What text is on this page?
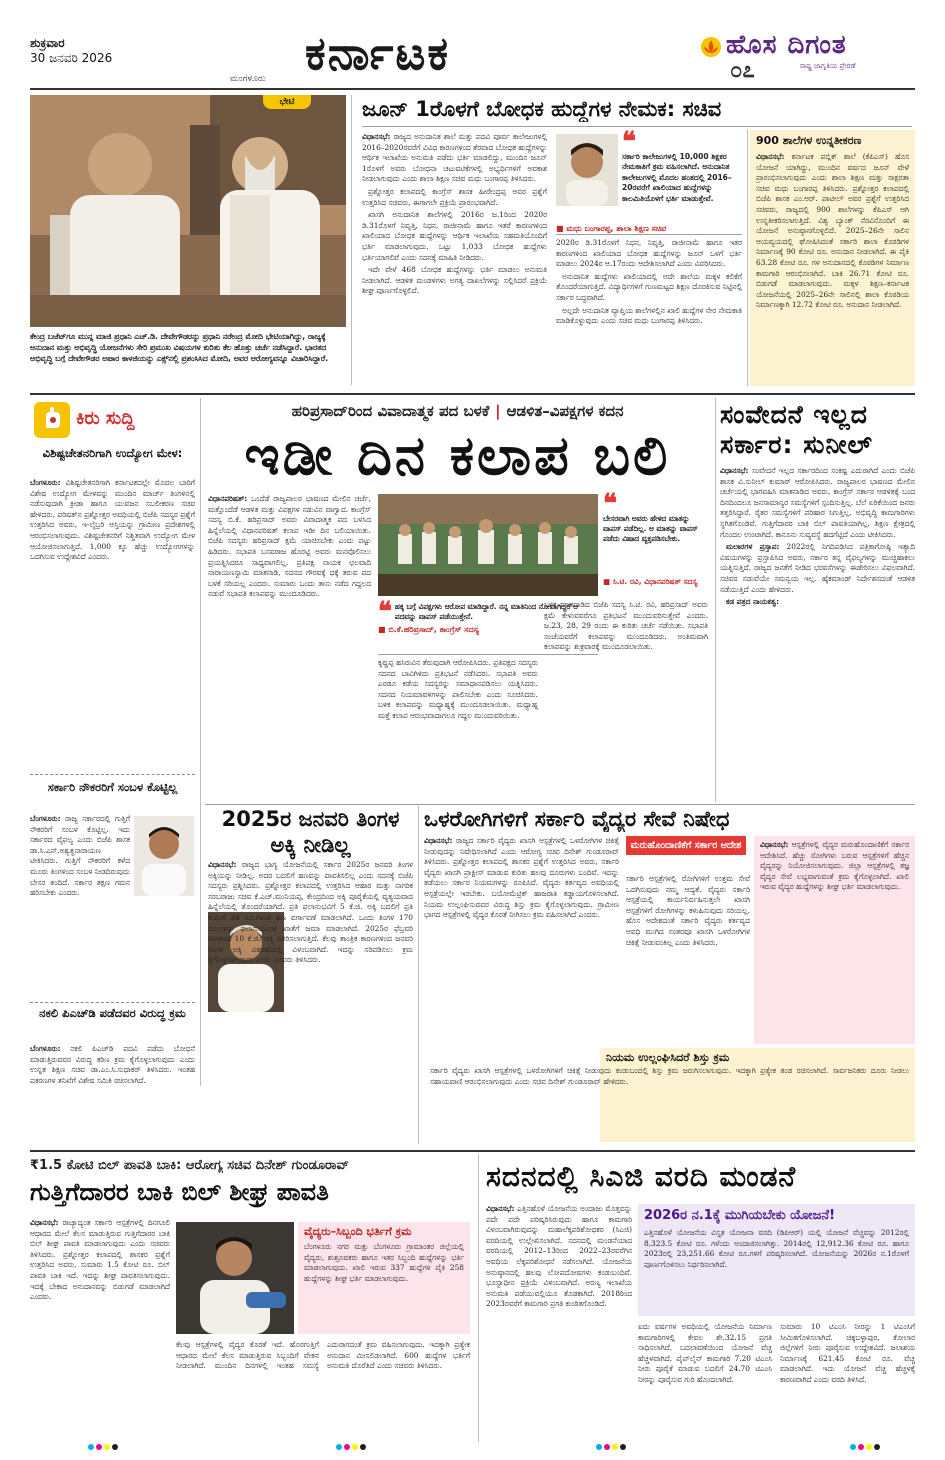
ಶುಕ್ರವಾರ
30 ಜನವರಿ 2026
ಮಂಗಳೂರು ಕರ್ನಾಟಕ	ಹೊಸ ದಿಗಂತ
ರಾಷ್ಟ್ರ ಜಾಗೃತಿಯ ಪ್ರೇರಣೆ
೦೭
ಭೇಟಿ
ಕೇಂದ್ರ ಬಜೆಟ್‌ಗೂ ಮುನ್ನ ಮಾಜಿ ಪ್ರಧಾನಿ ಎಚ್.ಡಿ. ದೇವೇಗೌಡರನ್ನು ಪ್ರಧಾನಿ ನರೇಂದ್ರ ಮೋದಿ ಭೇಟಿಯಾಗಿದ್ದು, ರಾಜ್ಯಕ್ಕೆ ಅನುದಾನ ಮತ್ತು ಅಭಿವೃದ್ಧಿ ಯೋಜನೆಗಳು ಸೇರಿ ಪ್ರಮುಖ ವಿಷಯಗಳ ಕುರಿತು ಕೆಲ ಹೊತ್ತು ಚರ್ಚೆ ನಡೆಸಿದ್ದಾರೆ. ಭಾರತದ ಅಭಿವೃದ್ಧಿ ಬಗ್ಗೆ ದೇವೇಗೌಡರ ಅಪಾರ ಕಾಳಜಿಯನ್ನು ಎಕ್ಸ್‌ನಲ್ಲಿ ಪ್ರಶಂಸಿಸಿದ ಮೋದಿ, ಅವರ ಆರೋಗ್ಯವನ್ನೂ ವಿಚಾರಿಸಿದ್ದಾರೆ.
ಜೂನ್‌ 1ರೊಳಗೆ ಬೋಧಕ ಹುದ್ದೆಗಳ ನೇಮಕ: ಸಚಿವ

ವಿಧಾನಸಭೆ: ರಾಜ್ಯದ ಅನುದಾನಿತ ಶಾಲೆ ಮತ್ತು ಪದವಿ ಪೂರ್ವ ಕಾಲೇಜುಗಳಲ್ಲಿ 2016–2020ರವರೆಗೆ ವಿವಿಧ ಕಾರಣಗಳಿಂದ ತೆರವಾದ ಬೋಧಕ ಹುದ್ದೆಗಳನ್ನು ಆರ್ಥಿಕ ಇಲಾಖೆಯ ಅನುಮತಿ ಪಡೆದು ಭರ್ತಿ ಮಾಡಲಿದ್ದು, ಮುಂದಿನ ಜೂನ್ 1ರೊಳಗೆ ಅವರು ಬೋಧನಾ ಚಟುವಟಿಕೆಗಳಲ್ಲಿ ಅಭ್ಯರ್ಥಿಗಳಿಗೆ ಅವಕಾಶ ನೀಡಲಾಗುವುದು ಎಂದು ಶಾಲಾ ಶಿಕ್ಷಣ ಸಚಿವ ಮಧು ಬಂಗಾರಪ್ಪ ತಿಳಿಸಿದರು.

ಪ್ರಶ್ನೋತ್ತರ ಕಲಾಪದಲ್ಲಿ ಕಾಂಗ್ರೆಸ್ ಶಾಸಕ ಹೀರೇಂದ್ರಪ್ಪ ಅವರ ಪ್ರಶ್ನೆಗೆ ಉತ್ತರಿಸಿದ ಸಚಿವರು, ಈಗಾಗಲೇ ಪ್ರಕ್ರಿಯೆ ಪ್ರಾರಂಭವಾಗಿದೆ.

ಖಾಸಗಿ ಅನುದಾನಿತ ಶಾಲೆಗಳಲ್ಲಿ 2016ರ ಜ.1ರಿಂದ 2020ರ ಡಿ.31ರೊಳಗೆ ನಿವೃತ್ತಿ, ನಿಧನ, ರಾಜೀನಾಮೆ ಹಾಗೂ ಇತರೆ ಕಾರಣಗಳಿಂದ ಖಾಲಿಯಾದ ಬೋಧಕ ಹುದ್ದೆಗಳನ್ನು ಆರ್ಥಿಕ ಇಲಾಖೆಯ ಸಹಮತಿಯೊಂದಿಗೆ ಭರ್ತಿ ಮಾಡಲಾಗುವುದು. ಒಟ್ಟು 1,033 ಬೋಧಕ ಹುದ್ದೆಗಳು ಭರ್ತಿಯಾಗಲಿವೆ ಎಂದು ಸದನಕ್ಕೆ ಮಾಹಿತಿ ನೀಡಿದರು.

ಇದೇ ವೇಳೆ 468 ಬೋಧಕ ಹುದ್ದೆಗಳನ್ನು ಭರ್ತಿ ಮಾಡಲು ಅನುಮತಿ ನೀಡಲಾಗಿದೆ. ಆಡಳಿತ ಮಂಡಳಿಗಳು ಅಗತ್ಯ ದಾಖಲೆಗಳನ್ನು ಸಲ್ಲಿಸಿದರೆ ಪ್ರಕ್ರಿಯೆ ಶೀಘ್ರ ಪೂರ್ಣಗೊಳ್ಳಲಿದೆ.

❝
ಸರ್ಕಾರಿ ಕಾಲೇಜುಗಳಲ್ಲಿ 10,000 ಶಿಕ್ಷಕರ ನೇಮಕಾತಿಗೆ ಕ್ರಮ ವಹಿಸಲಾಗಿದೆ. ಅನುದಾನಿತ ಕಾಲೇಜುಗಳಲ್ಲಿ ಮೊದಲ ಹಂತದಲ್ಲಿ 2016–20ರವರೆಗೆ ಖಾಲಿಯಾದ ಹುದ್ದೆಗಳನ್ನು ಕಾಲಮಿತಿಯೊಳಗೆ ಭರ್ತಿ ಮಾಡುತ್ತೇವೆ.
■ ಮಧು ಬಂಗಾರಪ್ಪ, ಶಾಲಾ ಶಿಕ್ಷಣ ಸಚಿವ

2020ರ ಡಿ.31ರೊಳಗೆ ನಿಧನ, ನಿವೃತ್ತಿ, ರಾಜೀನಾಮೆ ಹಾಗೂ ಇತರ ಕಾರಣಗಳಿಂದ ಖಾಲಿಯಾದ ಬೋಧಕ ಹುದ್ದೆಗಳನ್ನು ಜೂನ್ ಒಳಗೆ ಭರ್ತಿ ಮಾಡಲು 2024ರ ಆ.17ರಂದು ಆದೇಶಿಸಲಾಗಿದೆ ಎಂದು ವಿವರಿಸಿದರು.

ಅನುದಾನಿತ ಹುದ್ದೆಗಳು ಖಾಲಿಯಾದಲ್ಲಿ ಅದೇ ಶಾಲೆಯ ಮಕ್ಕಳ ಕಲಿಕೆಗೆ ತೊಂದರೆಯಾಗುತ್ತಿದೆ. ವಿದ್ಯಾರ್ಥಿಗಳಿಗೆ ಗುಣಮಟ್ಟದ ಶಿಕ್ಷಣ ದೊರಕಿಸುವ ನಿಟ್ಟಿನಲ್ಲಿ ಸರ್ಕಾರ ಬದ್ಧವಾಗಿದೆ.

ಅಲ್ಲದೇ ಅನುದಾನಿತ ವ್ಯಾಪ್ತಿಯ ಶಾಲೆಗಳಲ್ಲಿನ ಖಾಲಿ ಹುದ್ದೆಗಳ ನೇರ ನೇಮಕಾತಿ ಮಾಡಿಕೊಳ್ಳುವುದು ಎಂದು ಸಚಿವ ಮಧು ಬಂಗಾರಪ್ಪ ತಿಳಿಸಿದರು.

900 ಶಾಲೆಗಳ ಉನ್ನತೀಕರಣ

ವಿಧಾನಸಭೆ: ಕರ್ನಾಟಕ ಪಬ್ಲಿಕ್ ಶಾಲೆ (ಕೆಪಿಎಸ್) ಹೊಸ ಯೋಜನೆ ಯಾಗಿದ್ದು, ಮುಂದಿನ ವರ್ಷದ ಜೂನ್ ವೇಳೆ ಪ್ರಾರಂಭಿಸಲಾಗುವುದು ಎಂದು ಶಾಲಾ ಶಿಕ್ಷಣ ಮತ್ತು ಸಾಕ್ಷರತಾ ಸಚಿವ ಮಧು ಬಂಗಾರಪ್ಪ ತಿಳಿಸಿದರು. ಪ್ರಶ್ನೋತ್ತರ ಕಲಾಪದಲ್ಲಿ ಬಿಜೆಪಿ ಶಾಸಕ ಎಂ.ಆರ್. ಪಾಟೀಲ್ ಅವರ ಪ್ರಶ್ನೆಗೆ ಉತ್ತರಿಸಿದ ಸಚಿವರು, ರಾಜ್ಯದಲ್ಲಿ 900 ಶಾಲೆಗಳನ್ನು ಕೆಪಿಎಸ್ ಆಗಿ ಉನ್ನತೀಕರಿಸಲಾಗುತ್ತಿದೆ. ವಿಶ್ವ ಬ್ಯಾಂಕ್ ನೆರವಿನೊಂದಿಗೆ ಈ ಯೋಜನೆ ಅನುಷ್ಠಾನಗೊಳ್ಳಲಿದೆ. 2025–26ನೇ ಸಾಲಿನ ಆಯವ್ಯಯದಲ್ಲಿ ಘೋಷಿಸಿದಂತೆ ಸರ್ಕಾರಿ ಶಾಲಾ ಕೊಠಡಿಗಳ ನಿರ್ಮಾಣಕ್ಕೆ 90 ಕೋಟಿ ರೂ. ಅನುದಾನ ನೀಡಲಾಗಿದೆ. ಈ ಪೈಕಿ 63.28 ಕೋಟಿ ರೂ. ಗಳ ಅನುದಾನದಲ್ಲಿ ಕೊಠಡಿಗಳ ನಿರ್ಮಾಣ ಕಾಮಗಾರಿ ಆರಂಭಿಸಲಾಗಿದೆ. ಬಾಕಿ 26.71 ಕೋಟಿ ರೂ. ಬಿಡುಗಡೆ ಮಾಡಲಾಗುವುದು. ಮಕ್ಕಳ ಶಿಕ್ಷಣ–ಕರ್ನಾಟಕ ಯೋಜನೆಯಲ್ಲಿ 2025–26ನೇ ಸಾಲಿನಲ್ಲಿ ಶಾಲಾ ಕೊಠಡಿಯ ನಿರ್ಮಾಣಕ್ಕಾಗಿ 12.72 ಕೋಟಿ ರೂ. ಅನುದಾನ ನೀಡಲಾಗಿದೆ.

ಕಿರು ಸುದ್ದಿ
ವಿಶಿಷ್ಟಚೇತನರಿಗಾಗಿ ಉದ್ಯೋಗ ಮೇಳ:

ಬೆಂಗಳೂರು: ವಿಶಿಷ್ಟಚೇತನರಿಗಾಗಿ ಕರ್ನಾಟಕದಲ್ಲೇ ಮೊದಲ ಬಾರಿಗೆ ವಿಶೇಷ ಉದ್ಯೋಗ ಮೇಳವನ್ನು ಮುಂದಿನ ಮಾರ್ಚ್ ತಿಂಗಳಿನಲ್ಲಿ ನಡೆಸುವುದಾಗಿ ಕ್ರೀಡಾ ಹಾಗೂ ಯುವಜನ ಸಬಲೀಕರಣ ಸಚಿವ ಹೇಳಿದರು. ಪರಿಷತ್‌ನ ಪ್ರಶ್ನೋತ್ತರ ಅವಧಿಯಲ್ಲಿ ಬಿಜೆಪಿ ಸದಸ್ಯರ ಪ್ರಶ್ನೆಗೆ ಉತ್ತರಿಸಿದ ಅವರು, ಇ-ಲೈಬ್ರರಿ ಆಸ್ತಿಯನ್ನು ಗ್ರಾಮೀಣ ಪ್ರದೇಶಗಳಲ್ಲಿ ಆರಂಭಿಸಲಾಗುವುದು. ವಿಶಿಷ್ಟಚೇತನರಿಗೆ ನಿಶ್ಚಿತವಾಗಿ ಉದ್ಯೋಗ ಮೇಳ ಆಯೋಜಿಸಲಾಗುತ್ತಿದೆ. 1,000 ಕ್ಕೂ ಹೆಚ್ಚು ಉದ್ಯೋಗಗಳನ್ನು ಒದಗಿಸುವ ಉದ್ದೇಶವಿದೆ ಎಂದರು.

ಸರ್ಕಾರಿ ನೌಕರರಿಗೆ ಸಂಬಳ ಕೊಟ್ಟಿಲ್ಲ

ಬೆಂಗಳೂರು: ರಾಜ್ಯ ಸರ್ಕಾರದಲ್ಲಿ ಗುತ್ತಿಗೆ ನೌಕರರಿಗೆ ಸಂಬಳ ಕೊಟ್ಟಿಲ್ಲ. ಇದು ಸರ್ಕಾರದ ವೈಫಲ್ಯ ಎಂದು ಬಿಜೆಪಿ ಶಾಸಕ ಡಾ.ಸಿ.ಎನ್.ಅಶ್ವತ್ಥನಾರಾಯಣ ಟೀಕಿಸಿದರು. ಗುತ್ತಿಗೆ ನೌಕರರಿಗೆ ಕಳೆದ ಮೂರು ತಿಂಗಳಿಂದ ಸಂಬಳ ನೀಡದಿರುವುದು ಬೇಸರ ತಂದಿದೆ. ಸರ್ಕಾರ ತಕ್ಷಣ ಗಮನ ಹರಿಸಬೇಕು ಎಂದರು.

ನಕಲಿ ಪಿಎಚ್‌ಡಿ ಪಡೆದವರ ವಿರುದ್ಧ ಕ್ರಮ

ಬೆಂಗಳೂರು: ನಕಲಿ ಪಿಎಚ್‌ಡಿ ಪದವಿ ಪಡೆದು ಬೋಧನೆ ಮಾಡುತ್ತಿರುವವರ ವಿರುದ್ಧ ಕಠಿಣ ಕ್ರಮ ಕೈಗೊಳ್ಳಲಾಗುವುದು ಎಂದು ಉನ್ನತ ಶಿಕ್ಷಣ ಸಚಿವ ಡಾ.ಎಂ.ಸಿ.ಸುಧಾಕರ್ ತಿಳಿಸಿದರು. ಇಂತಹ ಪ್ರಕರಣಗಳ ತನಿಖೆಗೆ ವಿಶೇಷ ಸಮಿತಿ ರಚಿಸಲಾಗಿದೆ.

ಹರಿಪ್ರಸಾದ್‌ರಿಂದ ವಿವಾದಾತ್ಮಕ ಪದ ಬಳಕೆ | ಆಡಳಿತ–ವಿಪಕ್ಷಗಳ ಕದನ
ಇಡೀ ದಿನ ಕಲಾಪ ಬಲಿ

ವಿಧಾನಪರಿಷತ್: ಒಂದೆಡೆ ರಾಜ್ಯಪಾಲರ ಭಾಷಣದ ಮೇಲಿನ ಚರ್ಚೆ, ಮತ್ತೊಂದೆಡೆ ಆಡಳಿತ ಮತ್ತು ವಿಪಕ್ಷಗಳ ನಡುವಿನ ವಾಗ್ವಾದ. ಕಾಂಗ್ರೆಸ್ ಸದಸ್ಯ ಬಿ.ಕೆ. ಹರಿಪ್ರಸಾದ್ ಅವರು ವಿವಾದಾತ್ಮಕ ಪದ ಬಳಸಿದ ಹಿನ್ನೆಲೆಯಲ್ಲಿ ವಿಧಾನಪರಿಷತ್ ಕಲಾಪ ಇಡೀ ದಿನ ಬಲಿಯಾಯಿತು. ಬಿಜೆಪಿ ಸದಸ್ಯರು ಹರಿಪ್ರಸಾದ್ ಕ್ಷಮೆ ಯಾಚಿಸಬೇಕು ಎಂದು ಪಟ್ಟು ಹಿಡಿದರು. ಸಭಾಪತಿ ಬಸವರಾಜ ಹೊರಟ್ಟಿ ಅವರು ಮನವೊಲಿಸಲು ಪ್ರಯತ್ನಿಸಿದರೂ ಸಾಧ್ಯವಾಗಲಿಲ್ಲ. ಪ್ರತಿಪಕ್ಷ ನಾಯಕ ಛಲವಾದಿ ನಾರಾಯಣಸ್ವಾಮಿ ಮಾತನಾಡಿ, ಸದನದ ಗೌರವಕ್ಕೆ ಧಕ್ಕೆ ತರುವ ಪದ ಬಳಕೆ ಸರಿಯಲ್ಲ ಎಂದರು. ಸುಮಾರು ಒಂದು ತಾಸು ನಡೆದ ಗದ್ದಲದ ನಡುವೆ ಸಭಾಪತಿ ಕಲಾಪವನ್ನು ಮುಂದೂಡಿದರು.

❝
ಬೇಸರವಾಗಿ ಅವರು ಹೇಳಿದ ಮಾತನ್ನು ವಾಪಸ್ ಪಡೆದಿಲ್ಲ. ಆ ಮಾತನ್ನು ವಾಪಸ್ ಪಡೆದು ವಿಷಾದ ವ್ಯಕ್ತಪಡಿಸಬೇಕು.
■ ಸಿ.ಟಿ. ರವಿ, ವಿಧಾನಪರಿಷತ್ ಸದಸ್ಯ
❝ ಹಕ್ಕ ಬಗ್ಗೆ ವಿಪಕ್ಷಗಳು ಆರೋಪ ಮಾಡಿದ್ದಾರೆ. ನನ್ನ ಮಾತಿನಿಂದ ನೋವಾಗಿದ್ದರೆ ಆ ಪದವನ್ನು ವಾಪಸ್ ಪಡೆಯುತ್ತೇನೆ.
■ ಬಿ.ಕೆ.ಹರಿಪ್ರಸಾದ್, ಕಾಂಗ್ರೆಸ್ ಸದಸ್ಯ

ಕೃಷ್ಣಪ್ಪ ಹಸಿರುವಿನ ತೆರುವುದಾಗಿ ಆರೋಪಿಸಿದರು. ಪ್ರತಿಪಕ್ಷದ ಸದಸ್ಯರು ಸದನದ ಬಾವಿಗಿಳಿದು ಪ್ರತಿಭಟನೆ ನಡೆಸಿದರು. ಸಭಾಪತಿ ಅವರು ಎರಡೂ ಕಡೆಯ ಸದಸ್ಯರನ್ನು ಸಮಾಧಾನಪಡಿಸಲು ಯತ್ನಿಸಿದರು. ಸದನದ ನಿಯಮಾವಳಿಗಳನ್ನು ಪಾಲಿಸಬೇಕು ಎಂದು ಸೂಚಿಸಿದರು. ಬಳಿಕ ಕಲಾಪವನ್ನು ಮಧ್ಯಾಹ್ನಕ್ಕೆ ಮುಂದೂಡಲಾಯಿತು. ಮಧ್ಯಾಹ್ನ ಮತ್ತೆ ಕಲಾಪ ಆರಂಭವಾದಾಗಲೂ ಗದ್ದಲ ಮುಂದುವರಿಯಿತು.

ಬಳಿಕ ಮಾತನಾಡಿದ ಬಿಜೆಪಿ ಸದಸ್ಯ ಸಿ.ಟಿ. ರವಿ, ಹರಿಪ್ರಸಾದ್ ಅವರು ಕ್ಷಮೆ ಕೇಳುವವರೆಗೂ ಪ್ರತಿಭಟನೆ ಮುಂದುವರಿಸುತ್ತೇವೆ ಎಂದರು. ಜ.23, 28, 29 ರಂದು ಈ ಕುರಿತು ಚರ್ಚೆ ನಡೆಯಿತು. ಸಭಾಪತಿ ಸಂಜೆಯವರೆಗೆ ಕಲಾಪವನ್ನು ಮುಂದೂಡಿದರು. ಅಂತಿಮವಾಗಿ ಕಲಾಪವನ್ನು ಶುಕ್ರವಾರಕ್ಕೆ ಮುಂದೂಡಲಾಯಿತು.

ಸಂವೇದನೆ ಇಲ್ಲದ ಸರ್ಕಾರ: ಸುನೀಲ್

ವಿಧಾನಸಭೆ: ಸಂವೇದನೆ ಇಲ್ಲದ ಸರ್ಕಾರದಿಂದ ಸಂಕಷ್ಟ ಎದುರಾಗಿದೆ ಎಂದು ಬಿಜೆಪಿ ಶಾಸಕ ವಿ.ಸುನೀಲ್ ಕುಮಾರ್ ಆರೋಪಿಸಿದರು. ರಾಜ್ಯಪಾಲರ ಭಾಷಣದ ಮೇಲಿನ ಚರ್ಚೆಯಲ್ಲಿ ಭಾಗವಹಿಸಿ ಮಾತನಾಡಿದ ಅವರು, ಕಾಂಗ್ರೆಸ್ ಸರ್ಕಾರ ಆಡಳಿತಕ್ಕೆ ಬಂದ ದಿನದಿಂದಲೂ ಜನಸಾಮಾನ್ಯರ ಸಮಸ್ಯೆಗಳಿಗೆ ಸ್ಪಂದಿಸುತ್ತಿಲ್ಲ. ಬೆಲೆ ಏರಿಕೆಯಿಂದ ಜನರು ತತ್ತರಿಸಿದ್ದಾರೆ. ರೈತರ ಸಮಸ್ಯೆಗಳಿಗೆ ಪರಿಹಾರ ಸಿಗುತ್ತಿಲ್ಲ. ಅಭಿವೃದ್ಧಿ ಕಾಮಗಾರಿಗಳು ಸ್ಥಗಿತಗೊಂಡಿವೆ. ಗುತ್ತಿಗೆದಾರರ ಬಾಕಿ ಬಿಲ್ ಪಾವತಿಯಾಗಿಲ್ಲ. ಶಿಕ್ಷಣ ಕ್ಷೇತ್ರದಲ್ಲಿ ಗೊಂದಲ ಉಂಟಾಗಿದೆ. ಕಾನೂನು ಸುವ್ಯವಸ್ಥೆ ಹದಗೆಟ್ಟಿದೆ ಎಂದು ಟೀಕಿಸಿದರು.

ಮಲಾರಗಳ ಪ್ರಸ್ತಾಪ: 2022ರಲ್ಲಿ ನಿಗದಿಪಡಿಸಿದ ಪತ್ರಿಕಾಗೋಷ್ಠಿ ಇತ್ಯಾದಿ ವಿಷಯಗಳನ್ನು ಪ್ರಸ್ತಾಪಿಸಿದ ಅವರು, ಸರ್ಕಾರ ತನ್ನ ವೈಫಲ್ಯಗಳನ್ನು ಮುಚ್ಚಿಹಾಕಲು ಯತ್ನಿಸುತ್ತಿದೆ. ರಾಜ್ಯದ ಜನತೆಗೆ ನೀಡಿದ ಭರವಸೆಗಳನ್ನು ಈಡೇರಿಸಲು ವಿಫಲವಾಗಿದೆ. ಸಚಿವರ ನಡುವೆಯೇ ಸಮನ್ವಯ ಇಲ್ಲ. ಹೈಕಮಾಂಡ್ ನಿರ್ದೇಶನದಂತೆ ಆಡಳಿತ ನಡೆಯುತ್ತಿದೆ ಎಂದು ಹೇಳಿದರು.

ಕಡ ಪತ್ರದ ನಾಯಕತ್ವ:

2025ರ ಜನವರಿ ತಿಂಗಳ ಅಕ್ಕಿ ನೀಡಿಲ್ಲ

ವಿಧಾನಸಭೆ: ರಾಜ್ಯದ ಭಾಗ್ಯ ಯೋಜನೆಯಲ್ಲಿ ಸರ್ಕಾರ 2025ರ ಜನವರಿ ತಿಂಗಳ ಅಕ್ಕಿಯನ್ನು ನೀಡಿಲ್ಲ. ಅದರ ಬದಲಿಗೆ ಹಣವನ್ನು ಪಾವತಿಸಲಿಲ್ಲ ಎಂದು ಸದನಕ್ಕೆ ಬಿಜೆಪಿ ಸದಸ್ಯರು ಪ್ರಶ್ನಿಸಿದರು. ಪ್ರಶ್ನೋತ್ತರ ಕಲಾಪದಲ್ಲಿ ಉತ್ತರಿಸಿದ ಆಹಾರ ಮತ್ತು ನಾಗರಿಕ ಸರಬರಾಜು ಸಚಿವ ಕೆ.ಎಚ್.ಮುನಿಯಪ್ಪ, ಕೇಂದ್ರದಿಂದ ಅಕ್ಕಿ ಪೂರೈಕೆಯಲ್ಲಿ ವ್ಯತ್ಯಯವಾದ ಹಿನ್ನೆಲೆಯಲ್ಲಿ ತೊಂದರೆಯಾಗಿದೆ. ಪ್ರತಿ ಫಲಾನುಭವಿಗೆ 5 ಕೆ.ಜಿ. ಅಕ್ಕಿ ಬದಲಿಗೆ ಪ್ರತಿ ಕೆ.ಜಿ.ಗೆ 34 ರೂ.ಗಳಂತೆ ಹಣ ವರ್ಗಾವಣೆ ಮಾಡಲಾಗಿದೆ. ಒಂದು ತಿಂಗಳ 170 ರೂ.ಗಳನ್ನು ಫಲಾನುಭವಿಗಳ ಖಾತೆಗೆ ಜಮಾ ಮಾಡಲಾಗಿದೆ. 2025ರ ಫೆಬ್ರವರಿ ತಿಂಗಳಿಂದ 10 ಕೆ.ಜಿ. ಅಕ್ಕಿ ವಿತರಿಸಲಾಗುತ್ತಿದೆ. ಕೆಲವು ತಾಂತ್ರಿಕ ಕಾರಣಗಳಿಂದ ಜನವರಿ ತಿಂಗಳ ಅಕ್ಕಿ ವಿತರಣೆಯಲ್ಲಿ ವಿಳಂಬವಾಗಿದೆ. ಇದನ್ನು ಸರಿಪಡಿಸಲು ಕ್ರಮ ಕೈಗೊಳ್ಳಲಾಗುವುದು ಎಂದು ಸಚಿವರು ತಿಳಿಸಿದರು.

ಒಳರೋಗಿಗಳಿಗೆ ಸರ್ಕಾರಿ ವೈದ್ಯರ ಸೇವೆ ನಿಷೇಧ

ವಿಧಾನಸಭೆ: ರಾಜ್ಯದ ಸರ್ಕಾರಿ ವೈದ್ಯರು ಖಾಸಗಿ ಆಸ್ಪತ್ರೆಗಳಲ್ಲಿ ಒಳರೋಗಿಗಳ ಚಿಕಿತ್ಸೆ ನೀಡುವುದನ್ನು ನಿಷೇಧಿಸಲಾಗಿದೆ ಎಂದು ಆರೋಗ್ಯ ಸಚಿವ ದಿನೇಶ್ ಗುಂಡೂರಾವ್ ತಿಳಿಸಿದರು. ಪ್ರಶ್ನೋತ್ತರ ಕಲಾಪದಲ್ಲಿ ಶಾಸಕರ ಪ್ರಶ್ನೆಗೆ ಉತ್ತರಿಸಿದ ಅವರು, ಸರ್ಕಾರಿ ವೈದ್ಯರು ಖಾಸಗಿ ಪ್ರಾಕ್ಟೀಸ್ ಮಾಡುವ ಕುರಿತು ಹಲವು ದೂರುಗಳು ಬಂದಿವೆ. ಇದನ್ನು ತಡೆಯಲು ಸರ್ಕಾರ ನಿಯಮಗಳನ್ನು ರೂಪಿಸಿದೆ. ವೈದ್ಯರು ಕರ್ತವ್ಯದ ಅವಧಿಯಲ್ಲಿ ಆಸ್ಪತ್ರೆಯಲ್ಲೇ ಇರಬೇಕು. ಬಯೋಮೆಟ್ರಿಕ್ ಹಾಜರಾತಿ ಕಡ್ಡಾಯಗೊಳಿಸಲಾಗಿದೆ. ನಿಯಮ ಉಲ್ಲಂಘಿಸುವವರ ವಿರುದ್ಧ ಶಿಸ್ತು ಕ್ರಮ ಕೈಗೊಳ್ಳಲಾಗುವುದು. ಗ್ರಾಮೀಣ ಭಾಗದ ಆಸ್ಪತ್ರೆಗಳಲ್ಲಿ ವೈದ್ಯರ ಕೊರತೆ ನೀಗಿಸಲು ಕ್ರಮ ವಹಿಸಲಾಗಿದೆ ಎಂದರು.

ಮರುಹೊಂದಾಣಿಕೆಗೆ ಸರ್ಕಾರ ಆದೇಶ

ಸರ್ಕಾರಿ ಆಸ್ಪತ್ರೆಗಳಲ್ಲಿ ರೋಗಿಗಳಿಗೆ ಉತ್ತಮ ಸೇವೆ ಒದಗಿಸುವುದು ನಮ್ಮ ಆದ್ಯತೆ. ವೈದ್ಯರು ಸರ್ಕಾರಿ ಆಸ್ಪತ್ರೆಯಲ್ಲಿ ಕಾರ್ಯನಿರ್ವಹಿಸುತ್ತಲೇ ಖಾಸಗಿ ಆಸ್ಪತ್ರೆಗಳಿಗೆ ರೋಗಿಗಳನ್ನು ಕಳುಹಿಸುವುದು ಸರಿಯಲ್ಲ. ಹೊಸ ಆದೇಶದಂತೆ ಸರ್ಕಾರಿ ವೈದ್ಯರು ಕರ್ತವ್ಯದ ಅವಧಿ ಮುಗಿದ ನಂತರವೂ ಖಾಸಗಿ ಒಳರೋಗಿಗಳ ಚಿಕಿತ್ಸೆ ನೀಡುವಂತಿಲ್ಲ ಎಂದು ತಿಳಿಸಿದರು.

ವಿಧಾನಸಭೆ: ಆಸ್ಪತ್ರೆಗಳಲ್ಲಿ ವೈದ್ಯರ ಮರುಹೊಂದಾಣಿಕೆಗೆ ಸರ್ಕಾರ ಆದೇಶಿಸಿದೆ. ಹೆಚ್ಚು ರೋಗಿಗಳು ಬರುವ ಆಸ್ಪತ್ರೆಗಳಿಗೆ ಹೆಚ್ಚಿನ ವೈದ್ಯರನ್ನು ನಿಯೋಜಿಸಲಾಗುವುದು. ಜಿಲ್ಲಾ ಆಸ್ಪತ್ರೆಗಳಲ್ಲಿ ತಜ್ಞ ವೈದ್ಯರ ಸೇವೆ ಲಭ್ಯವಾಗುವಂತೆ ಕ್ರಮ ಕೈಗೊಳ್ಳಲಾಗಿದೆ. ಖಾಲಿ ಇರುವ ವೈದ್ಯರ ಹುದ್ದೆಗಳನ್ನು ಶೀಘ್ರ ಭರ್ತಿ ಮಾಡಲಾಗುವುದು.

ನಿಯಮ ಉಲ್ಲಂಘಿಸಿದರೆ ಶಿಸ್ತು ಕ್ರಮ

ಸರ್ಕಾರಿ ವೈದ್ಯರು ಖಾಸಗಿ ಆಸ್ಪತ್ರೆಗಳಲ್ಲಿ ಒಳರೋಗಿಗಳಿಗೆ ಚಿಕಿತ್ಸೆ ನೀಡುವುದು ಕಂಡುಬಂದಲ್ಲಿ ಶಿಸ್ತು ಕ್ರಮ ಜರುಗಿಸಲಾಗುವುದು. ಇದಕ್ಕಾಗಿ ಪ್ರತ್ಯೇಕ ತಂಡ ರಚಿಸಲಾಗಿದೆ. ಸಾರ್ವಜನಿಕರು ದೂರು ನೀಡಲು ಸಹಾಯವಾಣಿ ಆರಂಭಿಸಲಾಗುವುದು ಎಂದು ಸಚಿವ ದಿನೇಶ್ ಗುಂಡೂರಾವ್ ಹೇಳಿದರು.

₹1.5 ಕೋಟಿ ಬಿಲ್ ಪಾವತಿ ಬಾಕಿ: ಆರೋಗ್ಯ ಸಚಿವ ದಿನೇಶ್ ಗುಂಡೂರಾವ್
ಗುತ್ತಿಗೆದಾರರ ಬಾಕಿ ಬಿಲ್ ಶೀಘ್ರ ಪಾವತಿ

ವಿಧಾನಸಭೆ: ರಾಜ್ಯಾದ್ಯಂತ ಸರ್ಕಾರಿ ಆಸ್ಪತ್ರೆಗಳಲ್ಲಿ ದಿನಗೂಲಿ ಆಧಾರದ ಮೇಲೆ ಕೆಲಸ ಮಾಡುತ್ತಿರುವ ಗುತ್ತಿಗೆದಾರರ ಬಾಕಿ ಬಿಲ್ ಶೀಘ್ರ ಪಾವತಿ ಮಾಡಲಾಗುವುದು ಎಂದು ಸಚಿವರು ತಿಳಿಸಿದರು. ಪ್ರಶ್ನೋತ್ತರ ಕಲಾಪದಲ್ಲಿ ಶಾಸಕರ ಪ್ರಶ್ನೆಗೆ ಉತ್ತರಿಸಿದ ಅವರು, ಸುಮಾರು 1.5 ಕೋಟಿ ರೂ. ಬಿಲ್ ಪಾವತಿ ಬಾಕಿ ಇದೆ. ಇದನ್ನು ಶೀಘ್ರ ಪಾವತಿಸಲಾಗುವುದು. ಇದಕ್ಕೆ ಬೇಕಾದ ಅನುದಾನವನ್ನು ಬಿಡುಗಡೆ ಮಾಡಲಾಗಿದೆ ಎಂದರು.

ವೈದ್ಯರು–ಸಿಬ್ಬಂದಿ ಭರ್ತಿಗೆ ಕ್ರಮ

ಬೆಂಗಳೂರು ನಗರ ಮತ್ತು ಬೆಂಗಳೂರು ಗ್ರಾಮಾಂತರ ಜಿಲ್ಲೆಯಲ್ಲಿ ವೈದ್ಯರು, ಶುಶ್ರೂಷಕರು ಹಾಗೂ ಇತರ ಸಿಬ್ಬಂದಿ ಹುದ್ದೆಗಳನ್ನು ಭರ್ತಿ ಮಾಡಲಾಗುವುದು. ಖಾಲಿ ಇರುವ 337 ಹುದ್ದೆಗಳ ಪೈಕಿ 258 ಹುದ್ದೆಗಳನ್ನು ಶೀಘ್ರ ಭರ್ತಿ ಮಾಡಲಾಗುವುದು.

ಕೆಲವು ಆಸ್ಪತ್ರೆಗಳಲ್ಲಿ ವೈದ್ಯರ ಕೊರತೆ ಇದೆ. ಹೊರಗುತ್ತಿಗೆ ಆಧಾರದ ಮೇಲೆ ಕೆಲಸ ಮಾಡುತ್ತಿರುವ ಸಿಬ್ಬಂದಿಗೆ ವೇತನ ನೀಡಲಾಗಿದೆ. ಮುಂದಿನ ದಿನಗಳಲ್ಲಿ ಇಂತಹ ಸಮಸ್ಯೆ ಎದುರಾಗದಂತೆ ಕ್ರಮ ವಹಿಸಲಾಗುವುದು. ಇದಕ್ಕಾಗಿ ಪ್ರತ್ಯೇಕ ಅನುದಾನ ಮೀಸಲಿಡಲಾಗಿದೆ. 600 ಹುದ್ದೆಗಳ ಭರ್ತಿಗೆ ಅನುಮತಿ ದೊರೆತಿದೆ ಎಂದು ಸಚಿವರು ತಿಳಿಸಿದರು.

ಸದನದಲ್ಲಿ ಸಿಎಜಿ ವರದಿ ಮಂಡನೆ

ವಿಧಾನಸಭೆ: ಎತ್ತಿನಹೊಳೆ ಯೋಜನೆಯ ಅಂದಾಜು ಮೊತ್ತವನ್ನು ಪದೇ ಪದೇ ಪರಿಷ್ಕರಿಸಿರುವುದು ಹಾಗೂ ಕಾಮಗಾರಿ ವಿಳಂಬವಾಗಿರುವುದನ್ನು ಮಹಾಲೆಕ್ಕಪರಿಶೋಧಕರ (ಸಿಎಜಿ) ವರದಿಯಲ್ಲಿ ಉಲ್ಲೇಖಿಸಲಾಗಿದೆ. ಸದನದಲ್ಲಿ ಮಂಡನೆಯಾದ ವರದಿಯಲ್ಲಿ 2012–13ರಿಂದ 2022–23ರವರೆಗಿನ ಅವಧಿಯ ಲೆಕ್ಕಪರಿಶೋಧನೆ ನಡೆಸಲಾಗಿದೆ. ಯೋಜನೆಯ ಅನುಷ್ಠಾನದಲ್ಲಿ ಹಲವು ಲೋಪದೋಷಗಳು ಕಂಡುಬಂದಿವೆ. ಭೂಸ್ವಾಧೀನ ಪ್ರಕ್ರಿಯೆ ವಿಳಂಬವಾಗಿದೆ. ಅರಣ್ಯ ಇಲಾಖೆಯ ಅನುಮತಿ ಪಡೆಯುವಲ್ಲಿಯೂ ತೊಡಕಾಗಿದೆ. 2018ರಿಂದ 2023ರವರೆಗೆ ಕಾಮಗಾರಿ ಪ್ರಗತಿ ಕುಂಠಿತಗೊಂಡಿದೆ.

2026ರ ನ.1ಕ್ಕೆ ಮುಗಿಯಬೇಕು ಯೋಜನೆ!

ಎತ್ತಿನಹೊಳೆ ಯೋಜನೆಯ ವಿಸ್ತೃತ ಯೋಜನಾ ವರದಿ (ಡಿಪಿಆರ್) ಯಲ್ಲಿ ಯೋಜನೆ ವೆಚ್ಚವನ್ನು 2012ರಲ್ಲಿ 8,323.5 ಕೋಟಿ ರೂ. ಗಳೆಂದು ಅಂದಾಜಿಸಲಾಗಿತ್ತು. 2014ರಲ್ಲಿ 12,912.36 ಕೋಟಿ ರೂ. ಹಾಗೂ 2023ರಲ್ಲಿ 23,251.66 ಕೋಟಿ ರೂ.ಗಳಿಗೆ ಪರಿಷ್ಕರಿಸಲಾಗಿದೆ. ಯೋಜನೆಯನ್ನು 2026ರ ನ.1ರೊಳಗೆ ಪೂರ್ಣಗೊಳಿಸಲು ನಿರ್ಧರಿಸಲಾಗಿದೆ.

ಐದು ವರ್ಷಗಳ ಅವಧಿಯಲ್ಲಿ ಯೋಜನೆಯ ನಿರ್ಮಾಣ ಕಾಮಗಾರಿಗಳಲ್ಲಿ ಕೇವಲ ಶೇ.32.15 ಪ್ರಗತಿ ಸಾಧಿಸಲಾಗಿದೆ. ಬದಲಾವಣೆಯಿಂದ ಯೋಜನೆ ವೆಚ್ಚ ಹೆಚ್ಚಳವಾಗಿದೆ. ಪೈಪ್‌ಲೈನ್ ಕಾಮಗಾರಿ 7.20 ಟಿಎಂಸಿ ನೀರು ಪೂರೈಕೆ ಮಾಡುವ ಬದಲಿಗೆ 24.70 ಟಿಎಂಸಿ ನೀರನ್ನು ಪೂರೈಸುವ ಗುರಿ ಹೊಂದಲಾಗಿದೆ.

ಸುಮಾರು 10 ಟಿಎಂಸಿ ನೀರನ್ನು 1 ಟಿಎಂಸಿಗೆ ಸೀಮಿತಗೊಳಿಸಲಾಗಿದೆ. ಚಿಕ್ಕಬಳ್ಳಾಪುರ, ಕೋಲಾರ ಜಿಲ್ಲೆಗಳಿಗೆ ನೀರು ಪೂರೈಸುವ ಉದ್ದೇಶವಿದೆ. ಜಲಾಶಯ ನಿರ್ಮಾಣಕ್ಕೆ 621.45 ಕೋಟಿ ರೂ. ವೆಚ್ಚ ಮಾಡಲಾಗಿದೆ. ಇದು ಯೋಜನೆ ವೆಚ್ಚ ಹೆಚ್ಚಳಕ್ಕೆ ಕಾರಣವಾಗಿದೆ ಎಂದು ವರದಿ ತಿಳಿಸಿದೆ.
